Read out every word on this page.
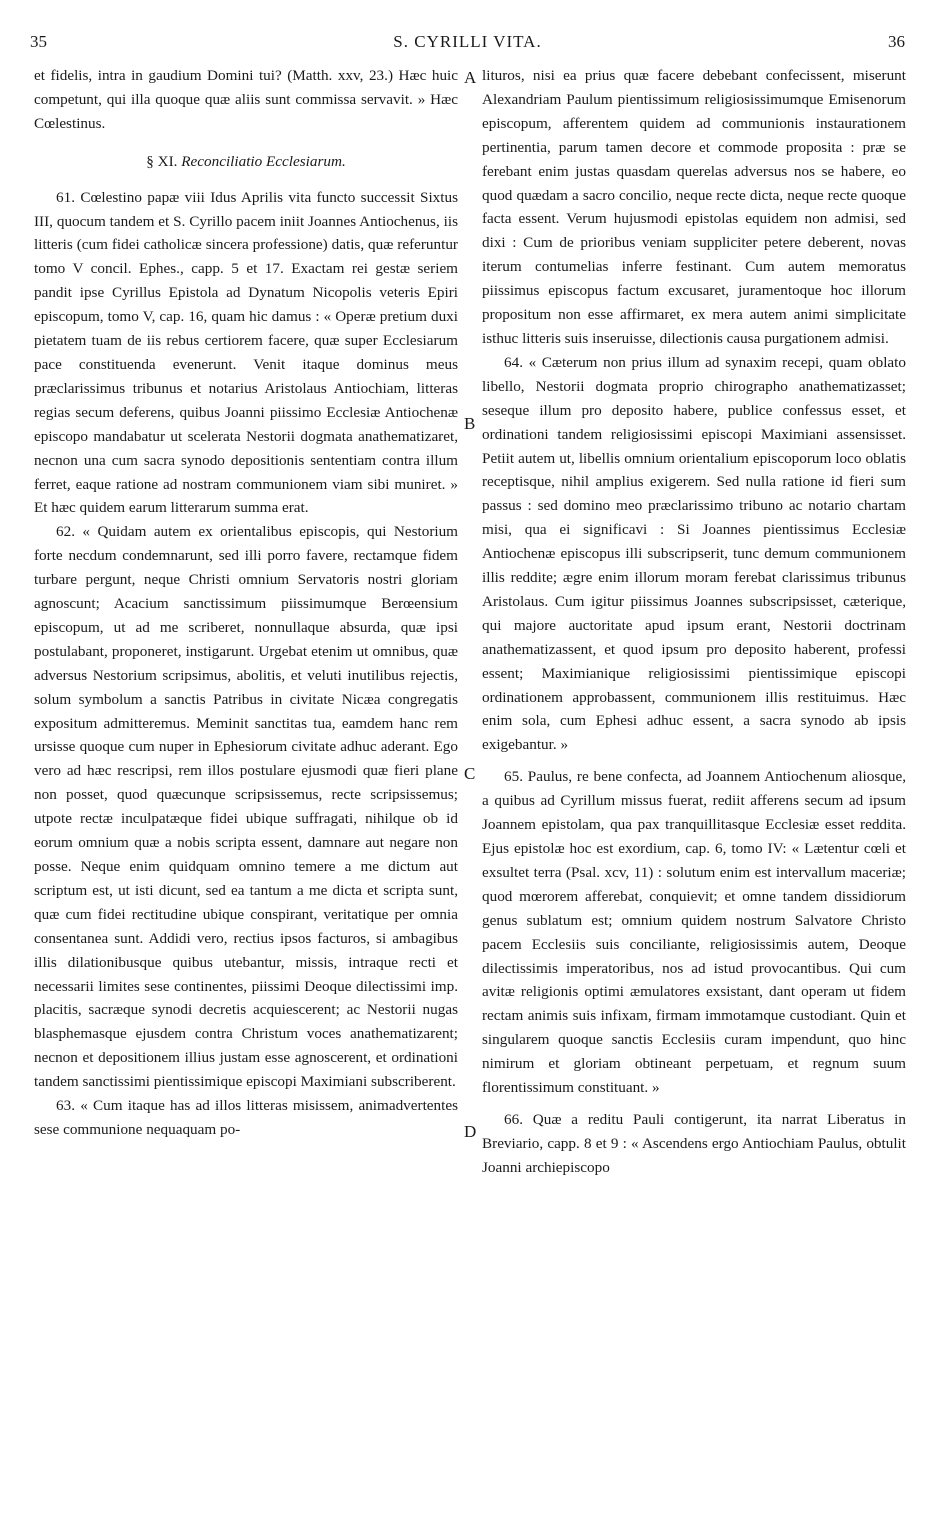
35	S. CYRILLI VITA.	36
A
B
C
D

et fidelis, intra in gaudium Domini tui? (Matth. xxv, 23.) Hæc huic competunt, qui illa quoque quæ aliis sunt commissa servavit. » Hæc Cœlestinus.

§ XI. Reconciliatio Ecclesiarum.

61. Cœlestino papæ viii Idus Aprilis vita functo successit Sixtus III, quocum tandem et S. Cyrillo pacem iniit Joannes Antiochenus, iis litteris (cum fidei catholicæ sincera professione) datis, quæ referuntur tomo V concil. Ephes., capp. 5 et 17. Exactam rei gestæ seriem pandit ipse Cyrillus Epistola ad Dynatum Nicopolis veteris Epiri episcopum, tomo V, cap. 16, quam hic damus : « Operæ pretium duxi pietatem tuam de iis rebus certiorem facere, quæ super Ecclesiarum pace constituenda evenerunt. Venit itaque dominus meus præclarissimus tribunus et notarius Aristolaus Antiochiam, litteras regias secum deferens, quibus Joanni piissimo Ecclesiæ Antiochenæ episcopo mandabatur ut scelerata Nestorii dogmata anathematizaret, necnon una cum sacra synodo depositionis sententiam contra illum ferret, eaque ratione ad nostram communionem viam sibi muniret. » Et hæc quidem earum litterarum summa erat.

62. « Quidam autem ex orientalibus episcopis, qui Nestorium forte necdum condemnarunt, sed illi porro favere, rectamque fidem turbare pergunt, neque Christi omnium Servatoris nostri gloriam agnoscunt; Acacium sanctissimum piissimumque Berœensium episcopum, ut ad me scriberet, nonnullaque absurda, quæ ipsi postulabant, proponeret, instigarunt. Urgebat etenim ut omnibus, quæ adversus Nestorium scripsimus, abolitis, et veluti inutilibus rejectis, solum symbolum a sanctis Patribus in civitate Nicæa congregatis expositum admitteremus. Meminit sanctitas tua, eamdem hanc rem ursisse quoque cum nuper in Ephesiorum civitate adhuc aderant. Ego vero ad hæc rescripsi, rem illos postulare ejusmodi quæ fieri plane non posset, quod quæcunque scripsissemus, recte scripsissemus; utpote rectæ inculpatæque fidei ubique suffragati, nihilque ob id eorum omnium quæ a nobis scripta essent, damnare aut negare non posse. Neque enim quidquam omnino temere a me dictum aut scriptum est, ut isti dicunt, sed ea tantum a me dicta et scripta sunt, quæ cum fidei rectitudine ubique conspirant, veritatique per omnia consentanea sunt. Addidi vero, rectius ipsos facturos, si ambagibus illis dilationibusque quibus utebantur, missis, intraque recti et necessarii limites sese continentes, piissimi Deoque dilectissimi imp. placitis, sacræque synodi decretis acquiescerent; ac Nestorii nugas blasphemasque ejusdem contra Christum voces anathematizarent; necnon et depositionem illius justam esse agnoscerent, et ordinationi tandem sanctissimi pientissimique episcopi Maximiani subscriberent.

63. « Cum itaque has ad illos litteras misissem, animadvertentes sese communione nequaquam po-

lituros, nisi ea prius quæ facere debebant confecissent, miserunt Alexandriam Paulum pientissimum religiosissimumque Emisenorum episcopum, afferentem quidem ad communionis instaurationem pertinentia, parum tamen decore et commode proposita : præ se ferebant enim justas quasdam querelas adversus nos se habere, eo quod quædam a sacro concilio, neque recte dicta, neque recte quoque facta essent. Verum hujusmodi epistolas equidem non admisi, sed dixi : Cum de prioribus veniam suppliciter petere deberent, novas iterum contumelias inferre festinant. Cum autem memoratus piissimus episcopus factum excusaret, juramentoque hoc illorum propositum non esse affirmaret, ex mera autem animi simplicitate isthuc litteris suis inseruisse, dilectionis causa purgationem admisi.

64. « Cæterum non prius illum ad synaxim recepi, quam oblato libello, Nestorii dogmata proprio chirographo anathematizasset; seseque illum pro deposito habere, publice confessus esset, et ordinationi tandem religiosissimi episcopi Maximiani assensisset. Petiit autem ut, libellis omnium orientalium episcoporum loco oblatis receptisque, nihil amplius exigerem. Sed nulla ratione id fieri sum passus : sed domino meo præclarissimo tribuno ac notario chartam misi, qua ei significavi : Si Joannes pientissimus Ecclesiæ Antiochenæ episcopus illi subscripserit, tunc demum communionem illis reddite; ægre enim illorum moram ferebat clarissimus tribunus Aristolaus. Cum igitur piissimus Joannes subscripsisset, cæterique, qui majore auctoritate apud ipsum erant, Nestorii doctrinam anathematizassent, et quod ipsum pro deposito haberent, professi essent; Maximianique religiosissimi pientissimique episcopi ordinationem approbassent, communionem illis restituimus. Hæc enim sola, cum Ephesi adhuc essent, a sacra synodo ab ipsis exigebantur. »

65. Paulus, re bene confecta, ad Joannem Antiochenum aliosque, a quibus ad Cyrillum missus fuerat, rediit afferens secum ad ipsum Joannem epistolam, qua pax tranquillitasque Ecclesiæ esset reddita. Ejus epistolæ hoc est exordium, cap. 6, tomo IV: « Lætentur cœli et exsultet terra (Psal. xcv, 11) : solutum enim est intervallum maceriæ; quod mœrorem afferebat, conquievit; et omne tandem dissidiorum genus sublatum est; omnium quidem nostrum Salvatore Christo pacem Ecclesiis suis conciliante, religiosissimis autem, Deoque dilectissimis imperatoribus, nos ad istud provocantibus. Qui cum avitæ religionis optimi æmulatores exsistant, dant operam ut fidem rectam animis suis infixam, firmam immotamque custodiant. Quin et singularem quoque sanctis Ecclesiis curam impendunt, quo hinc nimirum et gloriam obtineant perpetuam, et regnum suum florentissimum constituant. »

66. Quæ a reditu Pauli contigerunt, ita narrat Liberatus in Breviario, capp. 8 et 9 : « Ascendens ergo Antiochiam Paulus, obtulit Joanni archiepiscopo
